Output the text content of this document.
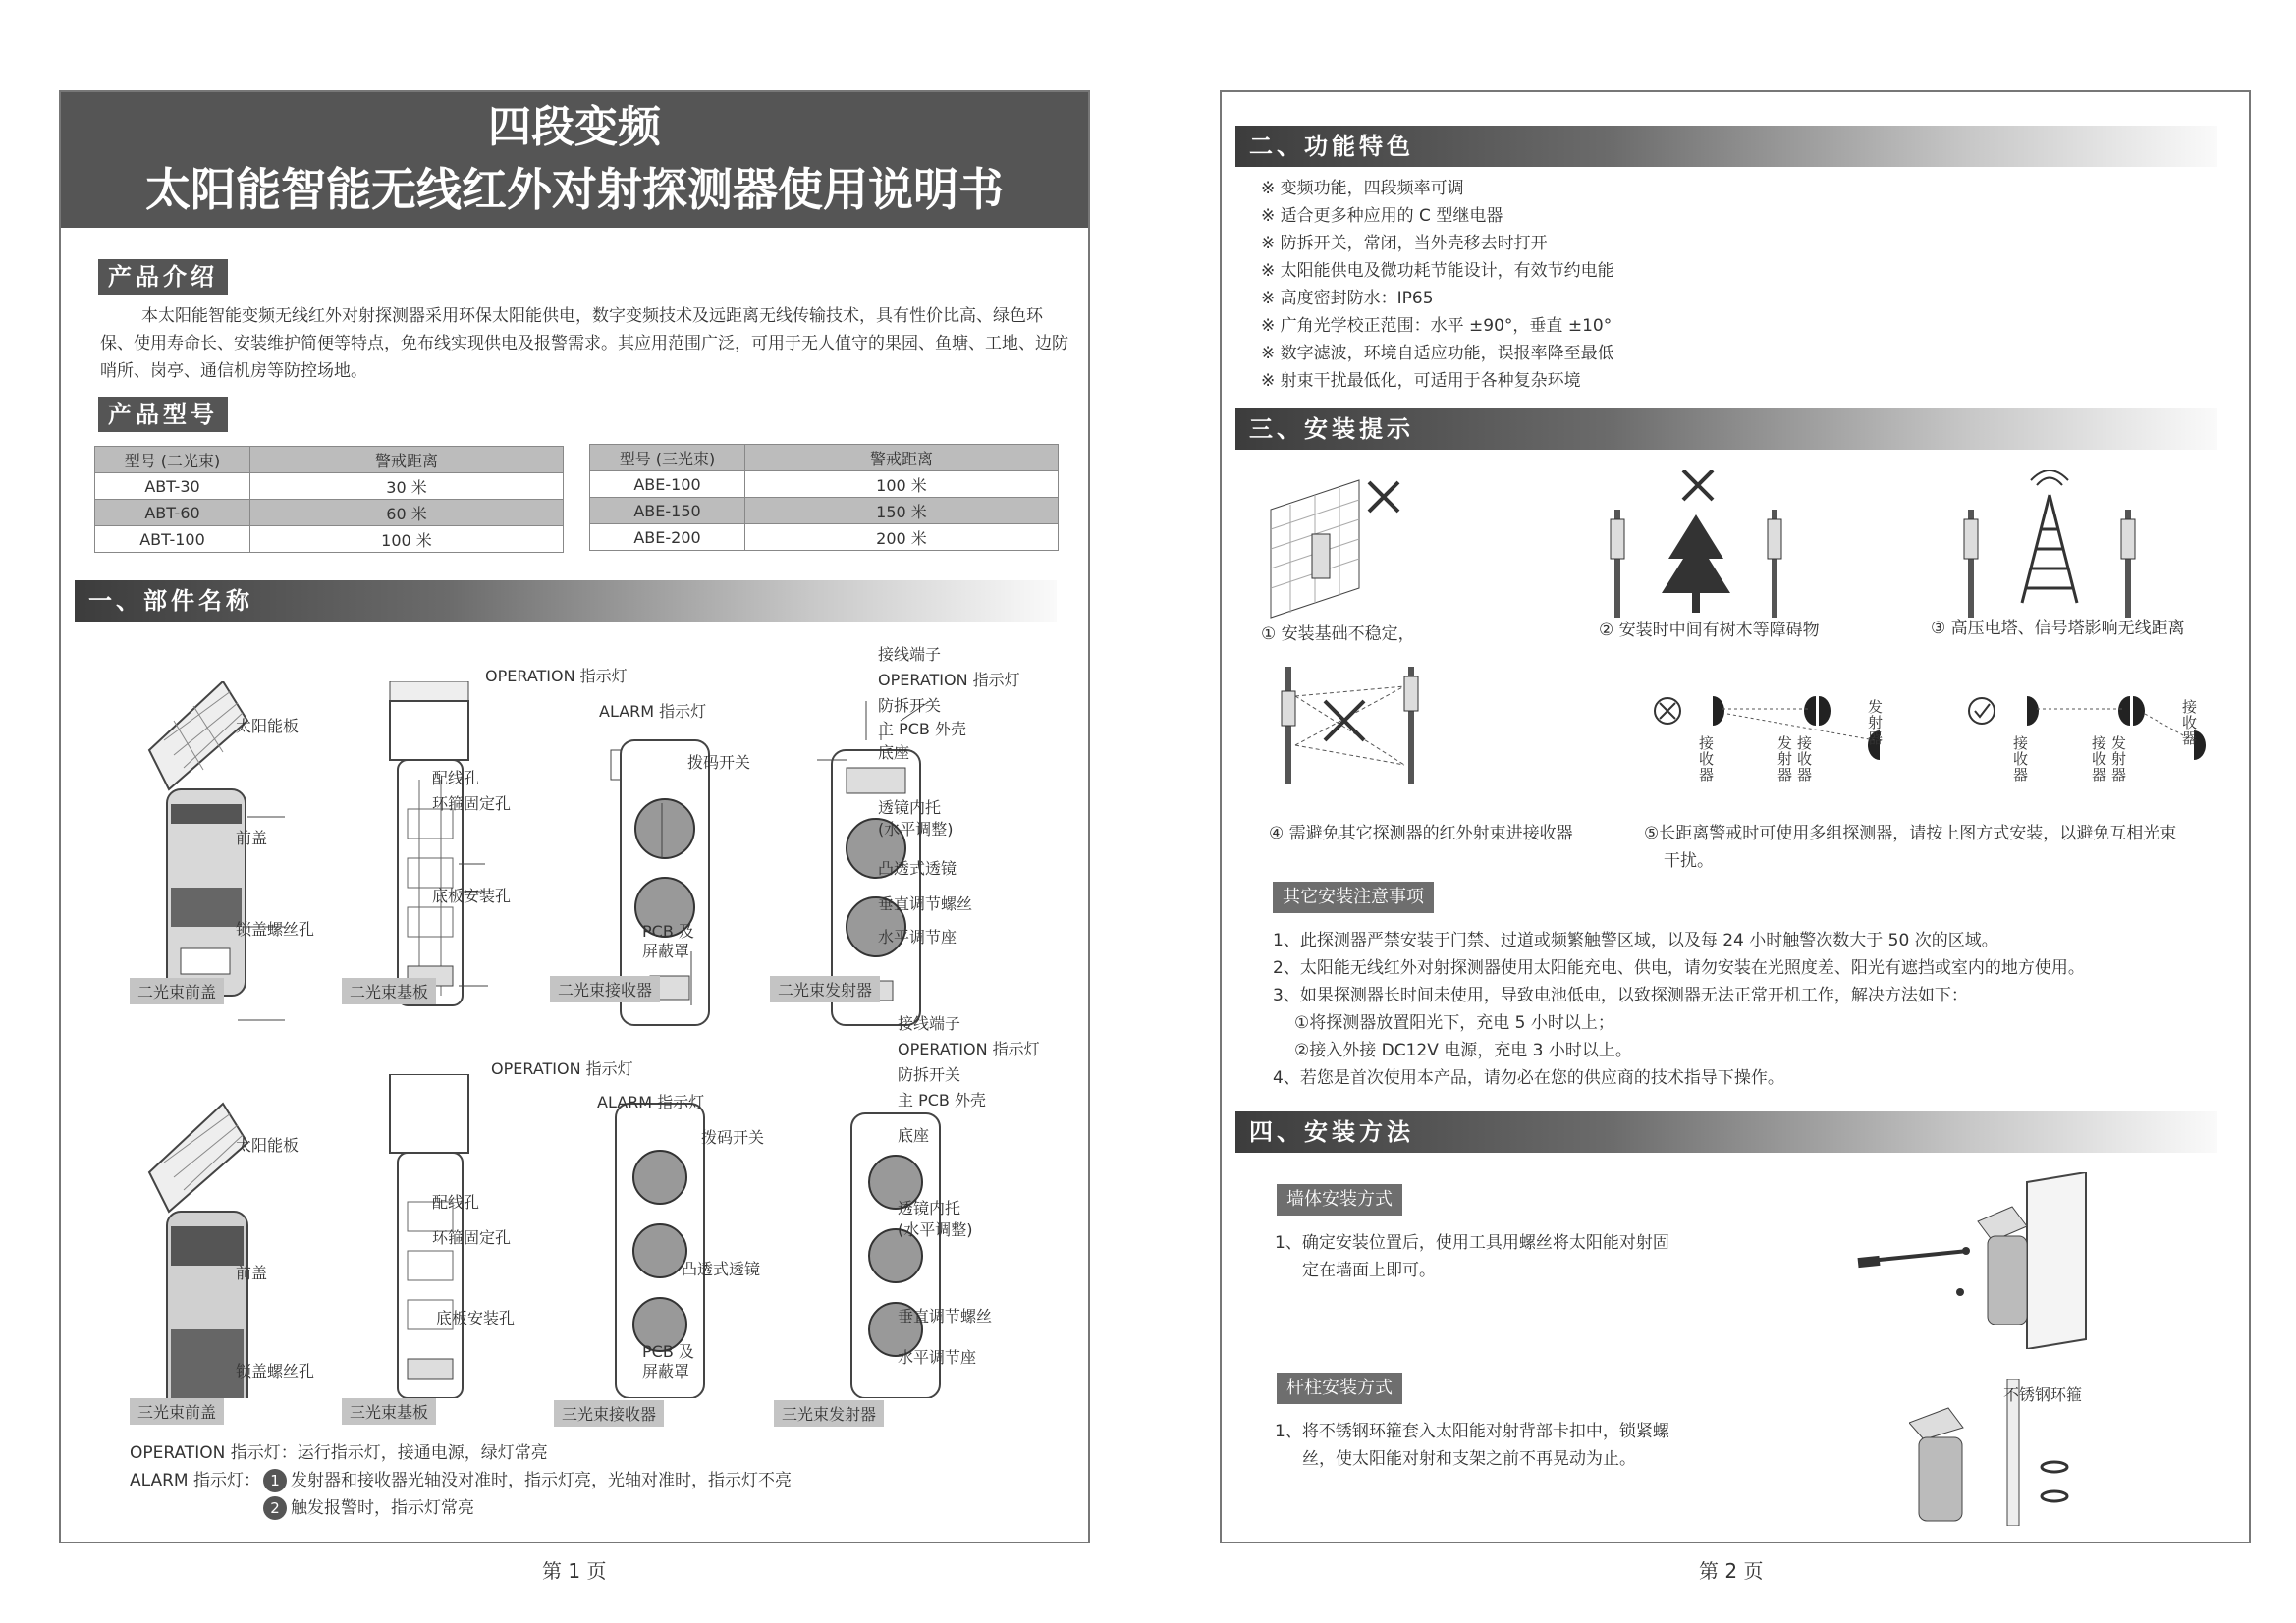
四段变频
太阳能智能无线红外对射探测器使用说明书
产品介绍
本太阳能智能变频无线红外对射探测器采用环保太阳能供电，数字变频技术及远距离无线传输技术，具有性价比高、绿色环保、使用寿命长、安装维护简便等特点，免布线实现供电及报警需求。其应用范围广泛，可用于无人值守的果园、鱼塘、工地、边防哨所、岗亭、通信机房等防控场地。
产品型号
型号 (二光束)	警戒距离
ABT-30	30 米
ABT-60	60 米
ABT-100	100 米
型号 (三光束)	警戒距离
ABE-100	100 米
ABE-150	150 米
ABE-200	200 米
一、部件名称
太阳能板
前盖
锁盖螺丝孔
配线孔
环箍固定孔
底板安装孔
OPERATION 指示灯
ALARM 指示灯
拨码开关
PCB 及
屏蔽罩
接线端子
OPERATION 指示灯
防拆开关
主 PCB 外壳
底座
透镜内托
(水平调整)
凸透式透镜
垂直调节螺丝
水平调节座
二光束前盖	二光束基板	二光束接收器	二光束发射器
太阳能板
前盖
锁盖螺丝孔
配线孔
环箍固定孔
底板安装孔
OPERATION 指示灯
ALARM 指示灯
拨码开关
凸透式透镜
PCB 及
屏蔽罩
接线端子
OPERATION 指示灯
防拆开关
主 PCB 外壳
底座
透镜内托
(水平调整)
垂直调节螺丝
水平调节座
三光束前盖	三光束基板	三光束接收器	三光束发射器
OPERATION 指示灯：运行指示灯，接通电源，绿灯常亮
ALARM 指示灯： 1 发射器和接收器光轴没对准时，指示灯亮，光轴对准时，指示灯不亮
2 触发报警时，指示灯常亮
第 1 页
二、功能特色
※ 变频功能，四段频率可调
※ 适合更多种应用的 C 型继电器
※ 防拆开关，常闭，当外壳移去时打开
※ 太阳能供电及微功耗节能设计，有效节约电能
※ 高度密封防水：IP65
※ 广角光学校正范围：水平 ±90°，垂直 ±10°
※ 数字滤波，环境自适应功能，误报率降至最低
※ 射束干扰最低化，可适用于各种复杂环境
三、安装提示
① 安装基础不稳定，	② 安装时中间有树木等障碍物	③ 高压电塔、信号塔影响无线距离
④ 需避免其它探测器的红外射束进接收器	⑤长距离警戒时可使用多组探测器，请按上图方式安装，以避免互相光束
干扰。
接收器
发射器
接收器
发射器	接收器
接收器
发射器
接收器
其它安装注意事项
1、此探测器严禁安装于门禁、过道或频繁触警区域，以及每 24 小时触警次数大于 50 次的区域。
2、太阳能无线红外对射探测器使用太阳能充电、供电，请勿安装在光照度差、阳光有遮挡或室内的地方使用。
3、如果探测器长时间未使用，导致电池低电，以致探测器无法正常开机工作，解决方法如下：
①将探测器放置阳光下，充电 5 小时以上；
②接入外接 DC12V 电源，充电 3 小时以上。
4、若您是首次使用本产品，请勿必在您的供应商的技术指导下操作。
四、安装方法
墙体安装方式
1、确定安装位置后，使用工具用螺丝将太阳能对射固
定在墙面上即可。
杆柱安装方式
1、将不锈钢环箍套入太阳能对射背部卡扣中，锁紧螺
丝，使太阳能对射和支架之前不再晃动为止。
不锈钢环箍
第 2 页
